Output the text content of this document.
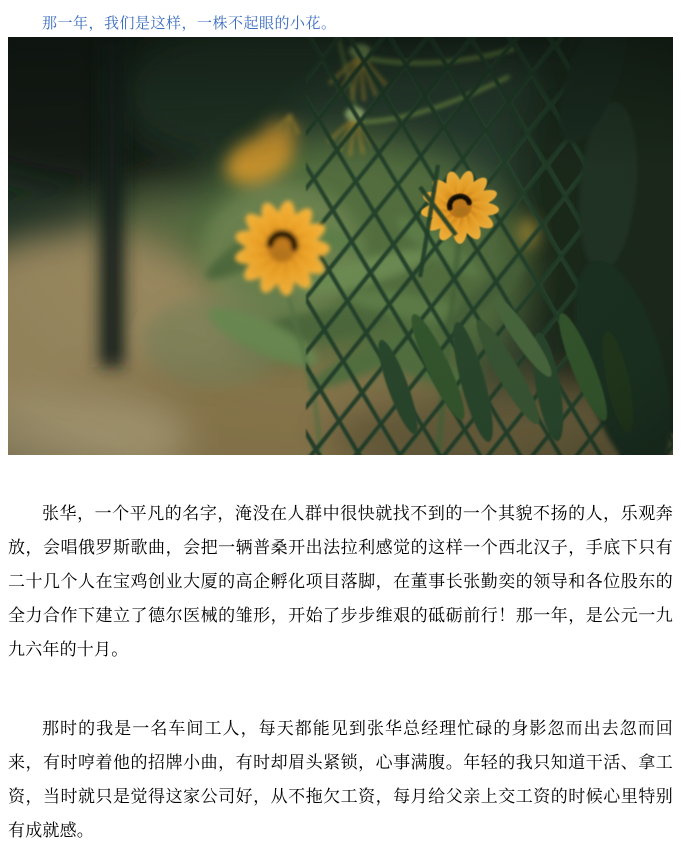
那一年，我们是这样，一株不起眼的小花。

张华，一个平凡的名字，淹没在人群中很快就找不到的一个其貌不扬的人，乐观奔放，会唱俄罗斯歌曲，会把一辆普桑开出法拉利感觉的这样一个西北汉子，手底下只有二十几个人在宝鸡创业大厦的高企孵化项目落脚，在董事长张勤奕的领导和各位股东的全力合作下建立了德尔医械的雏形，开始了步步维艰的砥砺前行！那一年，是公元一九九六年的十月。

那时的我是一名车间工人，每天都能见到张华总经理忙碌的身影忽而出去忽而回来，有时哼着他的招牌小曲，有时却眉头紧锁，心事满腹。年轻的我只知道干活、拿工资，当时就只是觉得这家公司好，从不拖欠工资，每月给父亲上交工资的时候心里特别有成就感。
